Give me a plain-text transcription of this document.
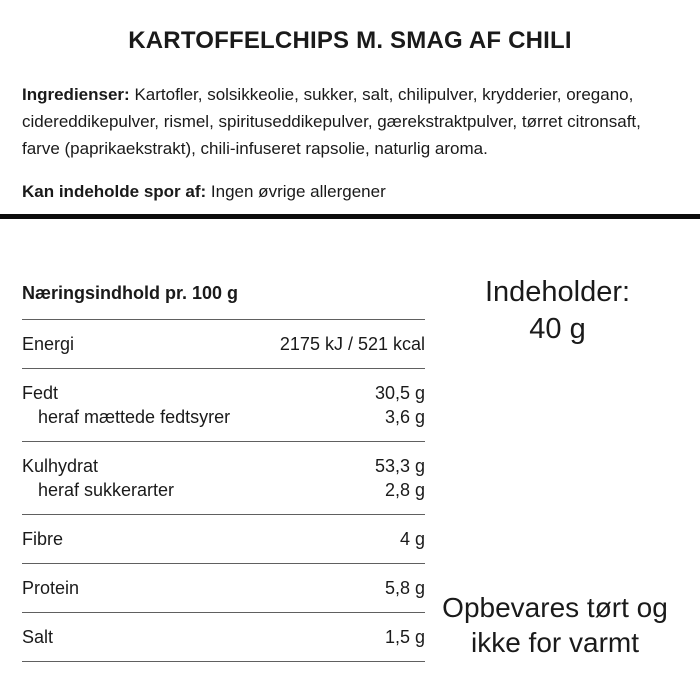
KARTOFFELCHIPS M. SMAG AF CHILI
Ingredienser: Kartofler, solsikkeolie, sukker, salt, chilipulver, krydderier, oregano, cidereddikepulver, rismel, spirituseddikepulver, gærekstraktpulver, tørret citronsaft, farve (paprikaekstrakt), chili-infuseret rapsolie, naturlig aroma.
Kan indeholde spor af: Ingen øvrige allergener
Næringsindhold pr. 100 g
Energi	2175 kJ / 521 kcal
Fedt	30,5 g
heraf mættede fedtsyrer	3,6 g
Kulhydrat	53,3 g
heraf sukkerarter	2,8 g
Fibre	4 g
Protein	5,8 g
Salt	1,5 g
Indeholder:
40 g
Opbevares tørt og
ikke for varmt
